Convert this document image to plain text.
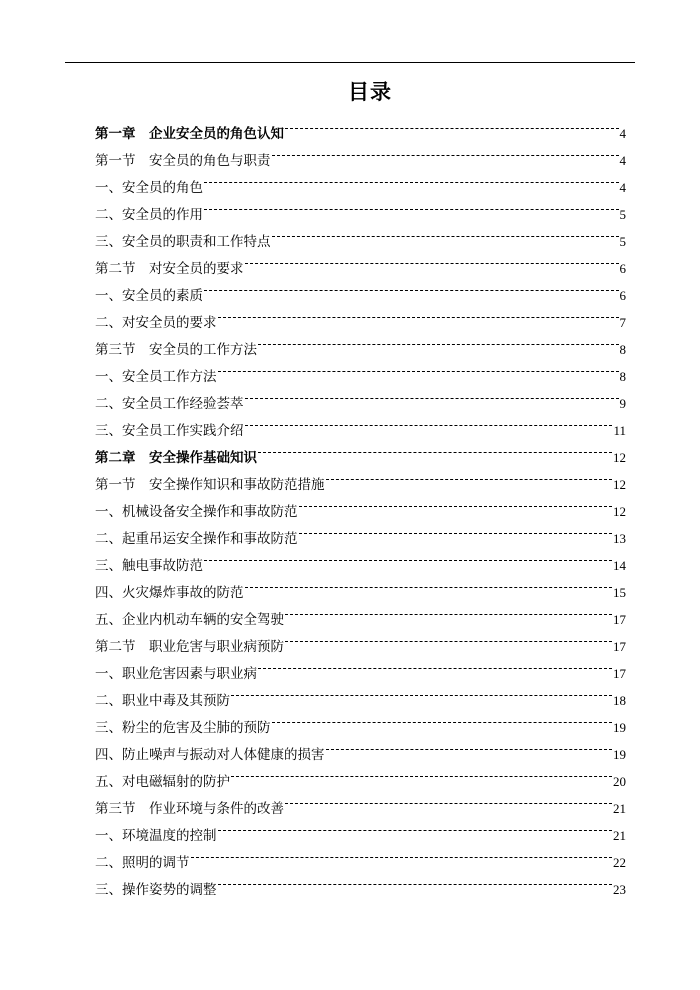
目录
第一章　企业安全员的角色认知	4
第一节　安全员的角色与职责	4
一、安全员的角色	4
二、安全员的作用	5
三、安全员的职责和工作特点	5
第二节　对安全员的要求	6
一、安全员的素质	6
二、对安全员的要求	7
第三节　安全员的工作方法	8
一、安全员工作方法	8
二、安全员工作经验荟萃	9
三、安全员工作实践介绍	11
第二章　安全操作基础知识	12
第一节　安全操作知识和事故防范措施	12
一、机械设备安全操作和事故防范	12
二、起重吊运安全操作和事故防范	13
三、触电事故防范	14
四、火灾爆炸事故的防范	15
五、企业内机动车辆的安全驾驶	17
第二节　职业危害与职业病预防	17
一、职业危害因素与职业病	17
二、职业中毒及其预防	18
三、粉尘的危害及尘肺的预防	19
四、防止噪声与振动对人体健康的损害	19
五、对电磁辐射的防护	20
第三节　作业环境与条件的改善	21
一、环境温度的控制	21
二、照明的调节	22
三、操作姿势的调整	23
